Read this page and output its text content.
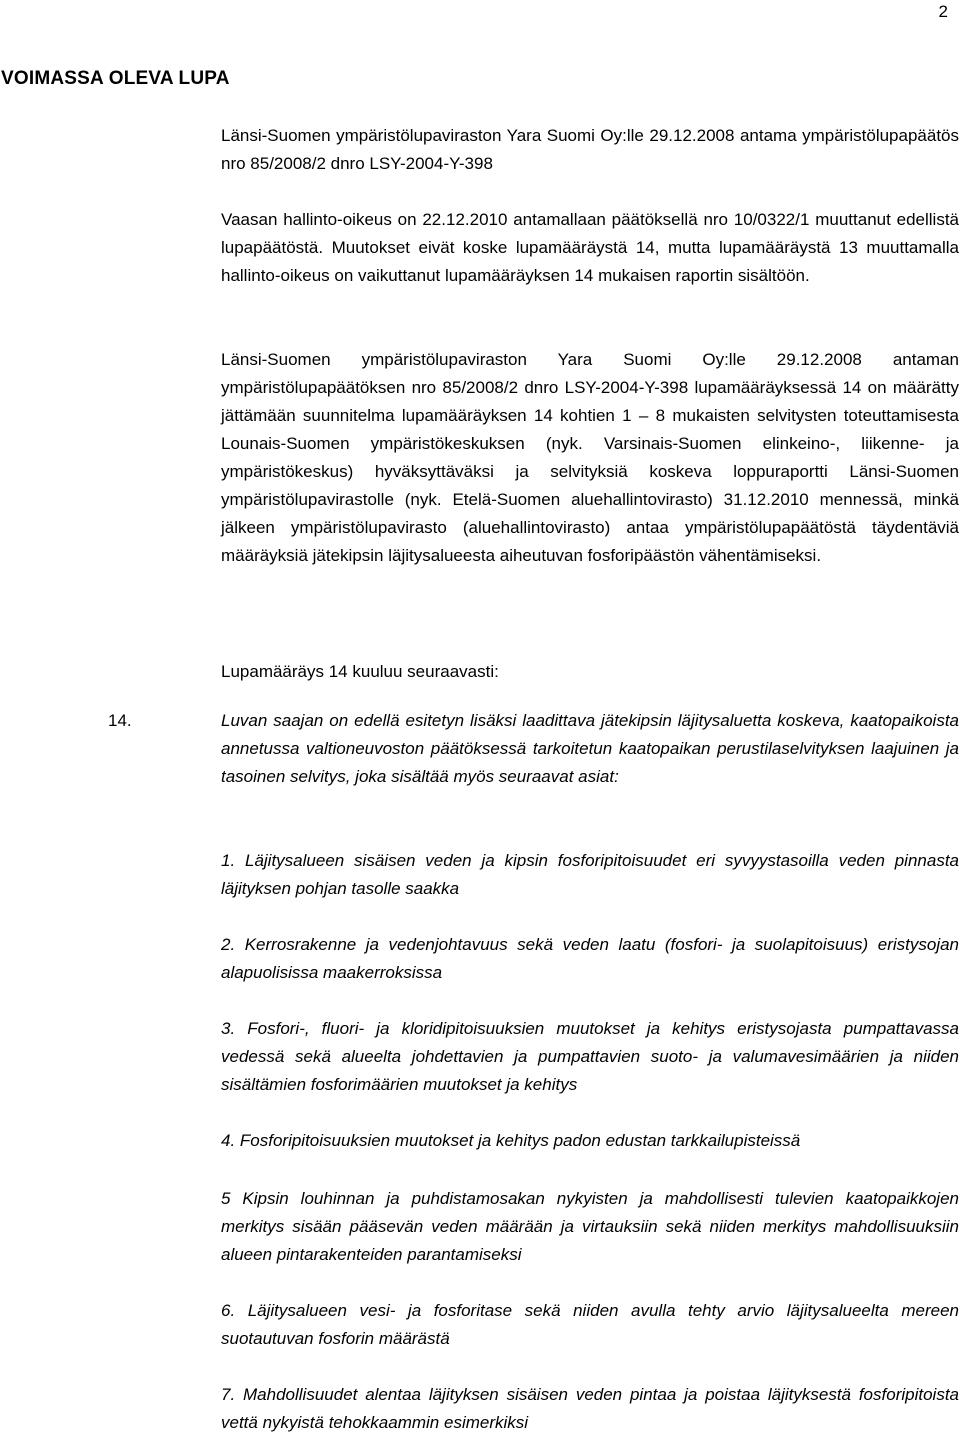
2
VOIMASSA OLEVA LUPA

Länsi-Suomen ympäristölupaviraston Yara Suomi Oy:lle 29.12.2008 antama ympäristölupapäätös nro 85/2008/2 dnro LSY-2004-Y-398

Vaasan hallinto-oikeus on 22.12.2010 antamallaan päätöksellä nro 10/0322/1 muuttanut edellistä lupapäätöstä. Muutokset eivät koske lupamääräystä 14, mutta lupamääräystä 13 muuttamalla hallinto-oikeus on vaikuttanut lupamääräyksen 14 mukaisen raportin sisältöön.

Länsi-Suomen ympäristölupaviraston Yara Suomi Oy:lle 29.12.2008 antaman ympäristölupapäätöksen nro 85/2008/2 dnro LSY-2004-Y-398 lupamääräyksessä 14 on määrätty jättämään suunnitelma lupamääräyksen 14 kohtien 1 – 8 mukaisten selvitysten toteuttamisesta Lounais-Suomen ympäristökeskuksen (nyk. Varsinais-Suomen elinkeino-, liikenne- ja ympäristökeskus) hyväksyttäväksi ja selvityksiä koskeva loppuraportti Länsi-Suomen ympäristölupavirastolle (nyk. Etelä-Suomen aluehallintovirasto) 31.12.2010 mennessä, minkä jälkeen ympäristölupavirasto (aluehallintovirasto) antaa ympäristölupapäätöstä täydentäviä määräyksiä jätekipsin läjitysalueesta aiheutuvan fosforipäästön vähentämiseksi.

Lupamääräys 14 kuuluu seuraavasti:

14.	Luvan saajan on edellä esitetyn lisäksi laadittava jätekipsin läjitysaluetta koskeva, kaatopaikoista annetussa valtioneuvoston päätöksessä tarkoitetun kaatopaikan perustilaselvityksen laajuinen ja tasoinen selvitys, joka sisältää myös seuraavat asiat:

1. Läjitysalueen sisäisen veden ja kipsin fosforipitoisuudet eri syvyystasoilla veden pinnasta läjityksen pohjan tasolle saakka

2. Kerrosrakenne ja vedenjohtavuus sekä veden laatu (fosfori- ja suolapitoisuus) eristysojan alapuolisissa maakerroksissa

3. Fosfori-, fluori- ja kloridipitoisuuksien muutokset ja kehitys eristysojasta pumpattavassa vedessä sekä alueelta johdettavien ja pumpattavien suoto- ja valumavesimäärien ja niiden sisältämien fosforimäärien muutokset ja kehitys

4. Fosforipitoisuuksien muutokset ja kehitys padon edustan tarkkailupisteissä

5 Kipsin louhinnan ja puhdistamosakan nykyisten ja mahdollisesti tulevien kaatopaikkojen merkitys sisään pääsevän veden määrään ja virtauksiin sekä niiden merkitys mahdollisuuksiin alueen pintarakenteiden parantamiseksi

6. Läjitysalueen vesi- ja fosforitase sekä niiden avulla tehty arvio läjitysalueelta mereen suotautuvan fosforin määrästä

7. Mahdollisuudet alentaa läjityksen sisäisen veden pintaa ja poistaa läjityksestä fosforipitoista vettä nykyistä tehokkaammin esimerkiksi
